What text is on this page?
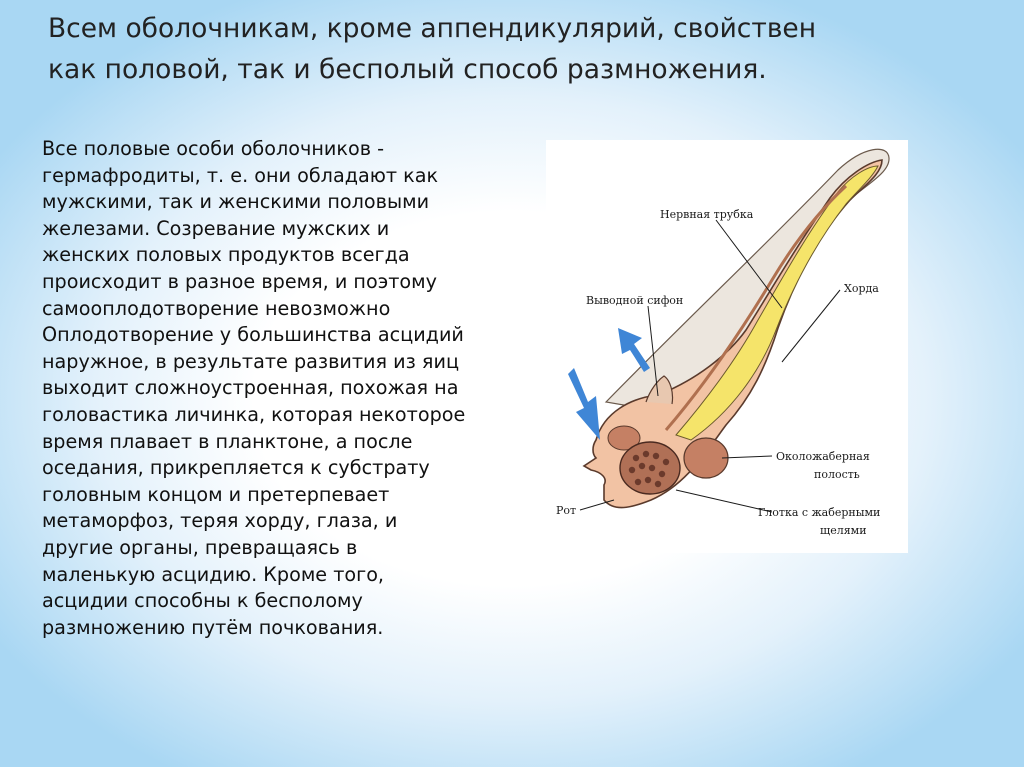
Всем оболочникам, кроме аппендикулярий, свойствен
как половой, так и бесполый способ размножения.
Все половые особи оболочников -
гермафродиты, т. е. они обладают как
мужскими, так и женскими половыми
железами. Созревание мужских и
женских половых продуктов всегда
происходит в разное время, и поэтому
самооплодотворение невозможно
Оплодотворение у большинства асцидий
наружное, в результате развития из яиц
выходит сложноустроенная, похожая на
головастика личинка, которая некоторое
время плавает в планктоне, а после
оседания, прикрепляется к субстрату
головным концом и претерпевает
метаморфоз, теряя хорду, глаза, и
другие органы, превращаясь в
маленькую асцидию. Кроме того,
асцидии способны к бесполому
размножению путём почкования.
Нервная трубка
Хорда
Выводной сифон
Околожаберная
полость
Рот	Глотка с жаберными
щелями
